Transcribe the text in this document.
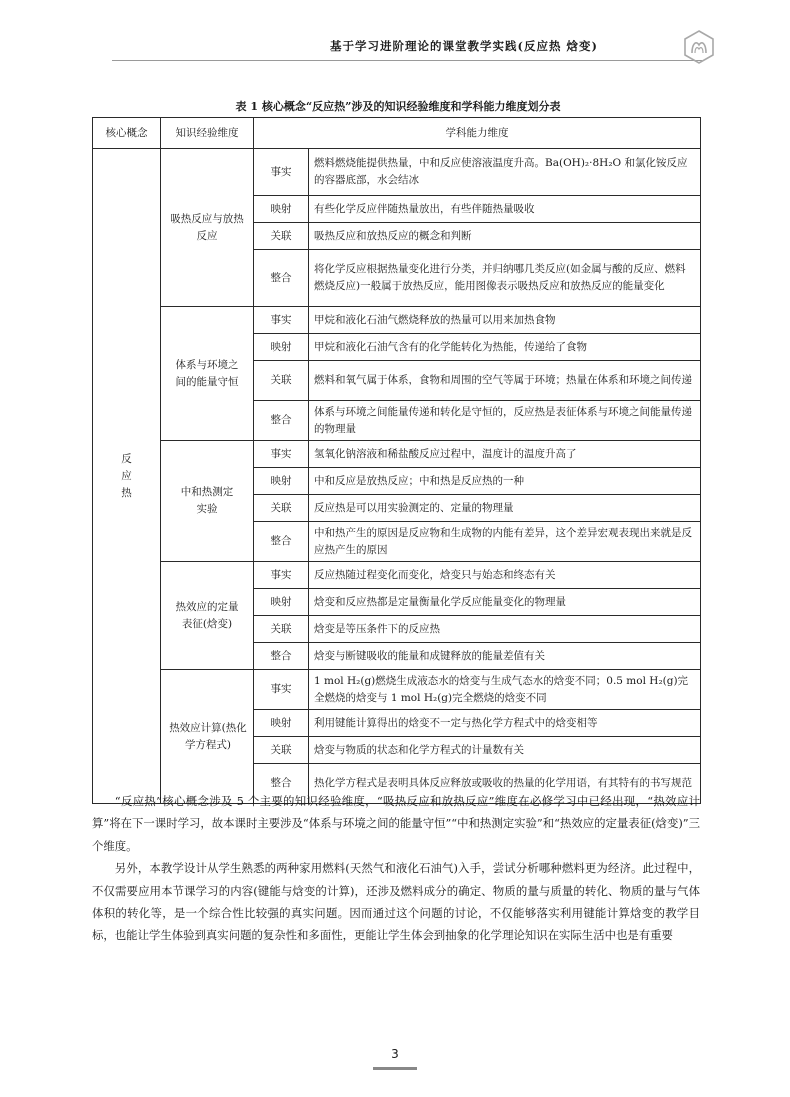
基于学习进阶理论的课堂教学实践(反应热 焓变)
表 1 核心概念“反应热”涉及的知识经验维度和学科能力维度划分表
核心概念	知识经验维度	学科能力维度	
反应热	吸热反应与放热反应	事实	燃料燃烧能提供热量，中和反应使溶液温度升高。Ba(OH)₂·8H₂O 和氯化铵反应的容器底部，水会结冰
		映射	有些化学反应伴随热量放出，有些伴随热量吸收
		关联	吸热反应和放热反应的概念和判断
		整合	将化学反应根据热量变化进行分类，并归纳哪几类反应(如金属与酸的反应、燃料燃烧反应)一般属于放热反应，能用图像表示吸热反应和放热反应的能量变化
	体系与环境之间的能量守恒	事实	甲烷和液化石油气燃烧释放的热量可以用来加热食物
		映射	甲烷和液化石油气含有的化学能转化为热能，传递给了食物
		关联	燃料和氧气属于体系，食物和周围的空气等属于环境；热量在体系和环境之间传递
		整合	体系与环境之间能量传递和转化是守恒的，反应热是表征体系与环境之间能量传递的物理量
	中和热测定实验	事实	氢氧化钠溶液和稀盐酸反应过程中，温度计的温度升高了
		映射	中和反应是放热反应；中和热是反应热的一种
		关联	反应热是可以用实验测定的、定量的物理量
		整合	中和热产生的原因是反应物和生成物的内能有差异，这个差异宏观表现出来就是反应热产生的原因
	热效应的定量表征(焓变)	事实	反应热随过程变化而变化，焓变只与始态和终态有关
		映射	焓变和反应热都是定量衡量化学反应能量变化的物理量
		关联	焓变是等压条件下的反应热
		整合	焓变与断键吸收的能量和成键释放的能量差值有关
	热效应计算(热化学方程式)	事实	1 mol H₂(g)燃烧生成液态水的焓变与生成气态水的焓变不同；0.5 mol H₂(g)完全燃烧的焓变与 1 mol H₂(g)完全燃烧的焓变不同
		映射	利用键能计算得出的焓变不一定与热化学方程式中的焓变相等
		关联	焓变与物质的状态和化学方程式的计量数有关
		整合	热化学方程式是表明具体反应释放或吸收的热量的化学用语，有其特有的书写规范

“反应热”核心概念涉及 5 个主要的知识经验维度，“吸热反应和放热反应”维度在必修学习中已经出现，“热效应计算”将在下一课时学习，故本课时主要涉及“体系与环境之间的能量守恒”“中和热测定实验”和“热效应的定量表征(焓变)”三个维度。

另外，本教学设计从学生熟悉的两种家用燃料(天然气和液化石油气)入手，尝试分析哪种燃料更为经济。此过程中，不仅需要应用本节课学习的内容(键能与焓变的计算)，还涉及燃料成分的确定、物质的量与质量的转化、物质的量与气体体积的转化等，是一个综合性比较强的真实问题。因而通过这个问题的讨论，不仅能够落实利用键能计算焓变的教学目标，也能让学生体验到真实问题的复杂性和多面性，更能让学生体会到抽象的化学理论知识在实际生活中也是有重要

3
